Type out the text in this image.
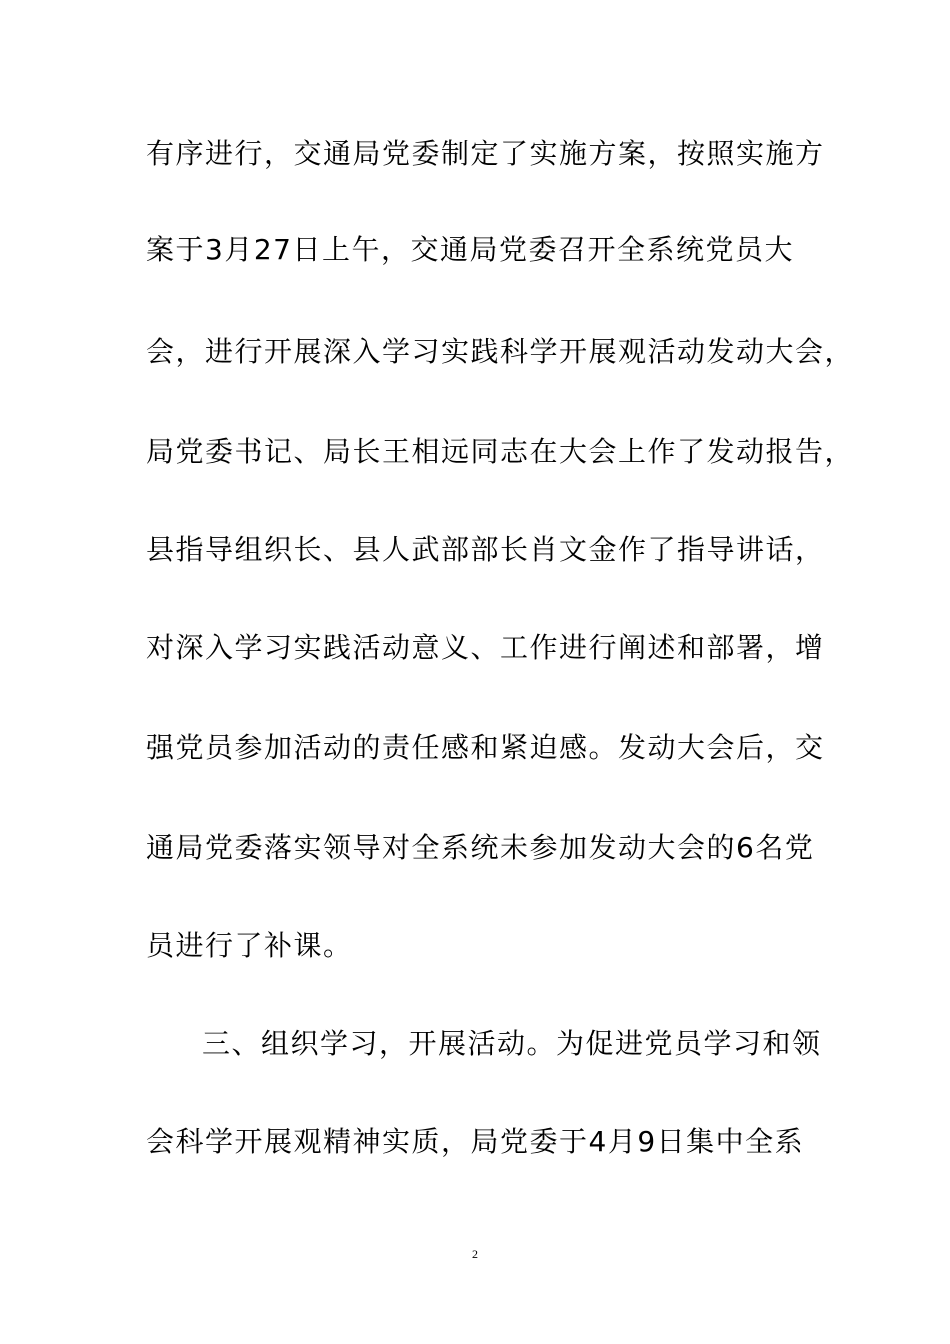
有序进行，交通局党委制定了实施方案，按照实施方
案于3月27日上午，交通局党委召开全系统党员大
会，进行开展深入学习实践科学开展观活动发动大会，
局党委书记、局长王相远同志在大会上作了发动报告，
县指导组织长、县人武部部长肖文金作了指导讲话，
对深入学习实践活动意义、工作进行阐述和部署，增
强党员参加活动的责任感和紧迫感。发动大会后，交
通局党委落实领导对全系统未参加发动大会的6名党
员进行了补课。
三、组织学习，开展活动。为促进党员学习和领
会科学开展观精神实质，局党委于4月9日集中全系
2
